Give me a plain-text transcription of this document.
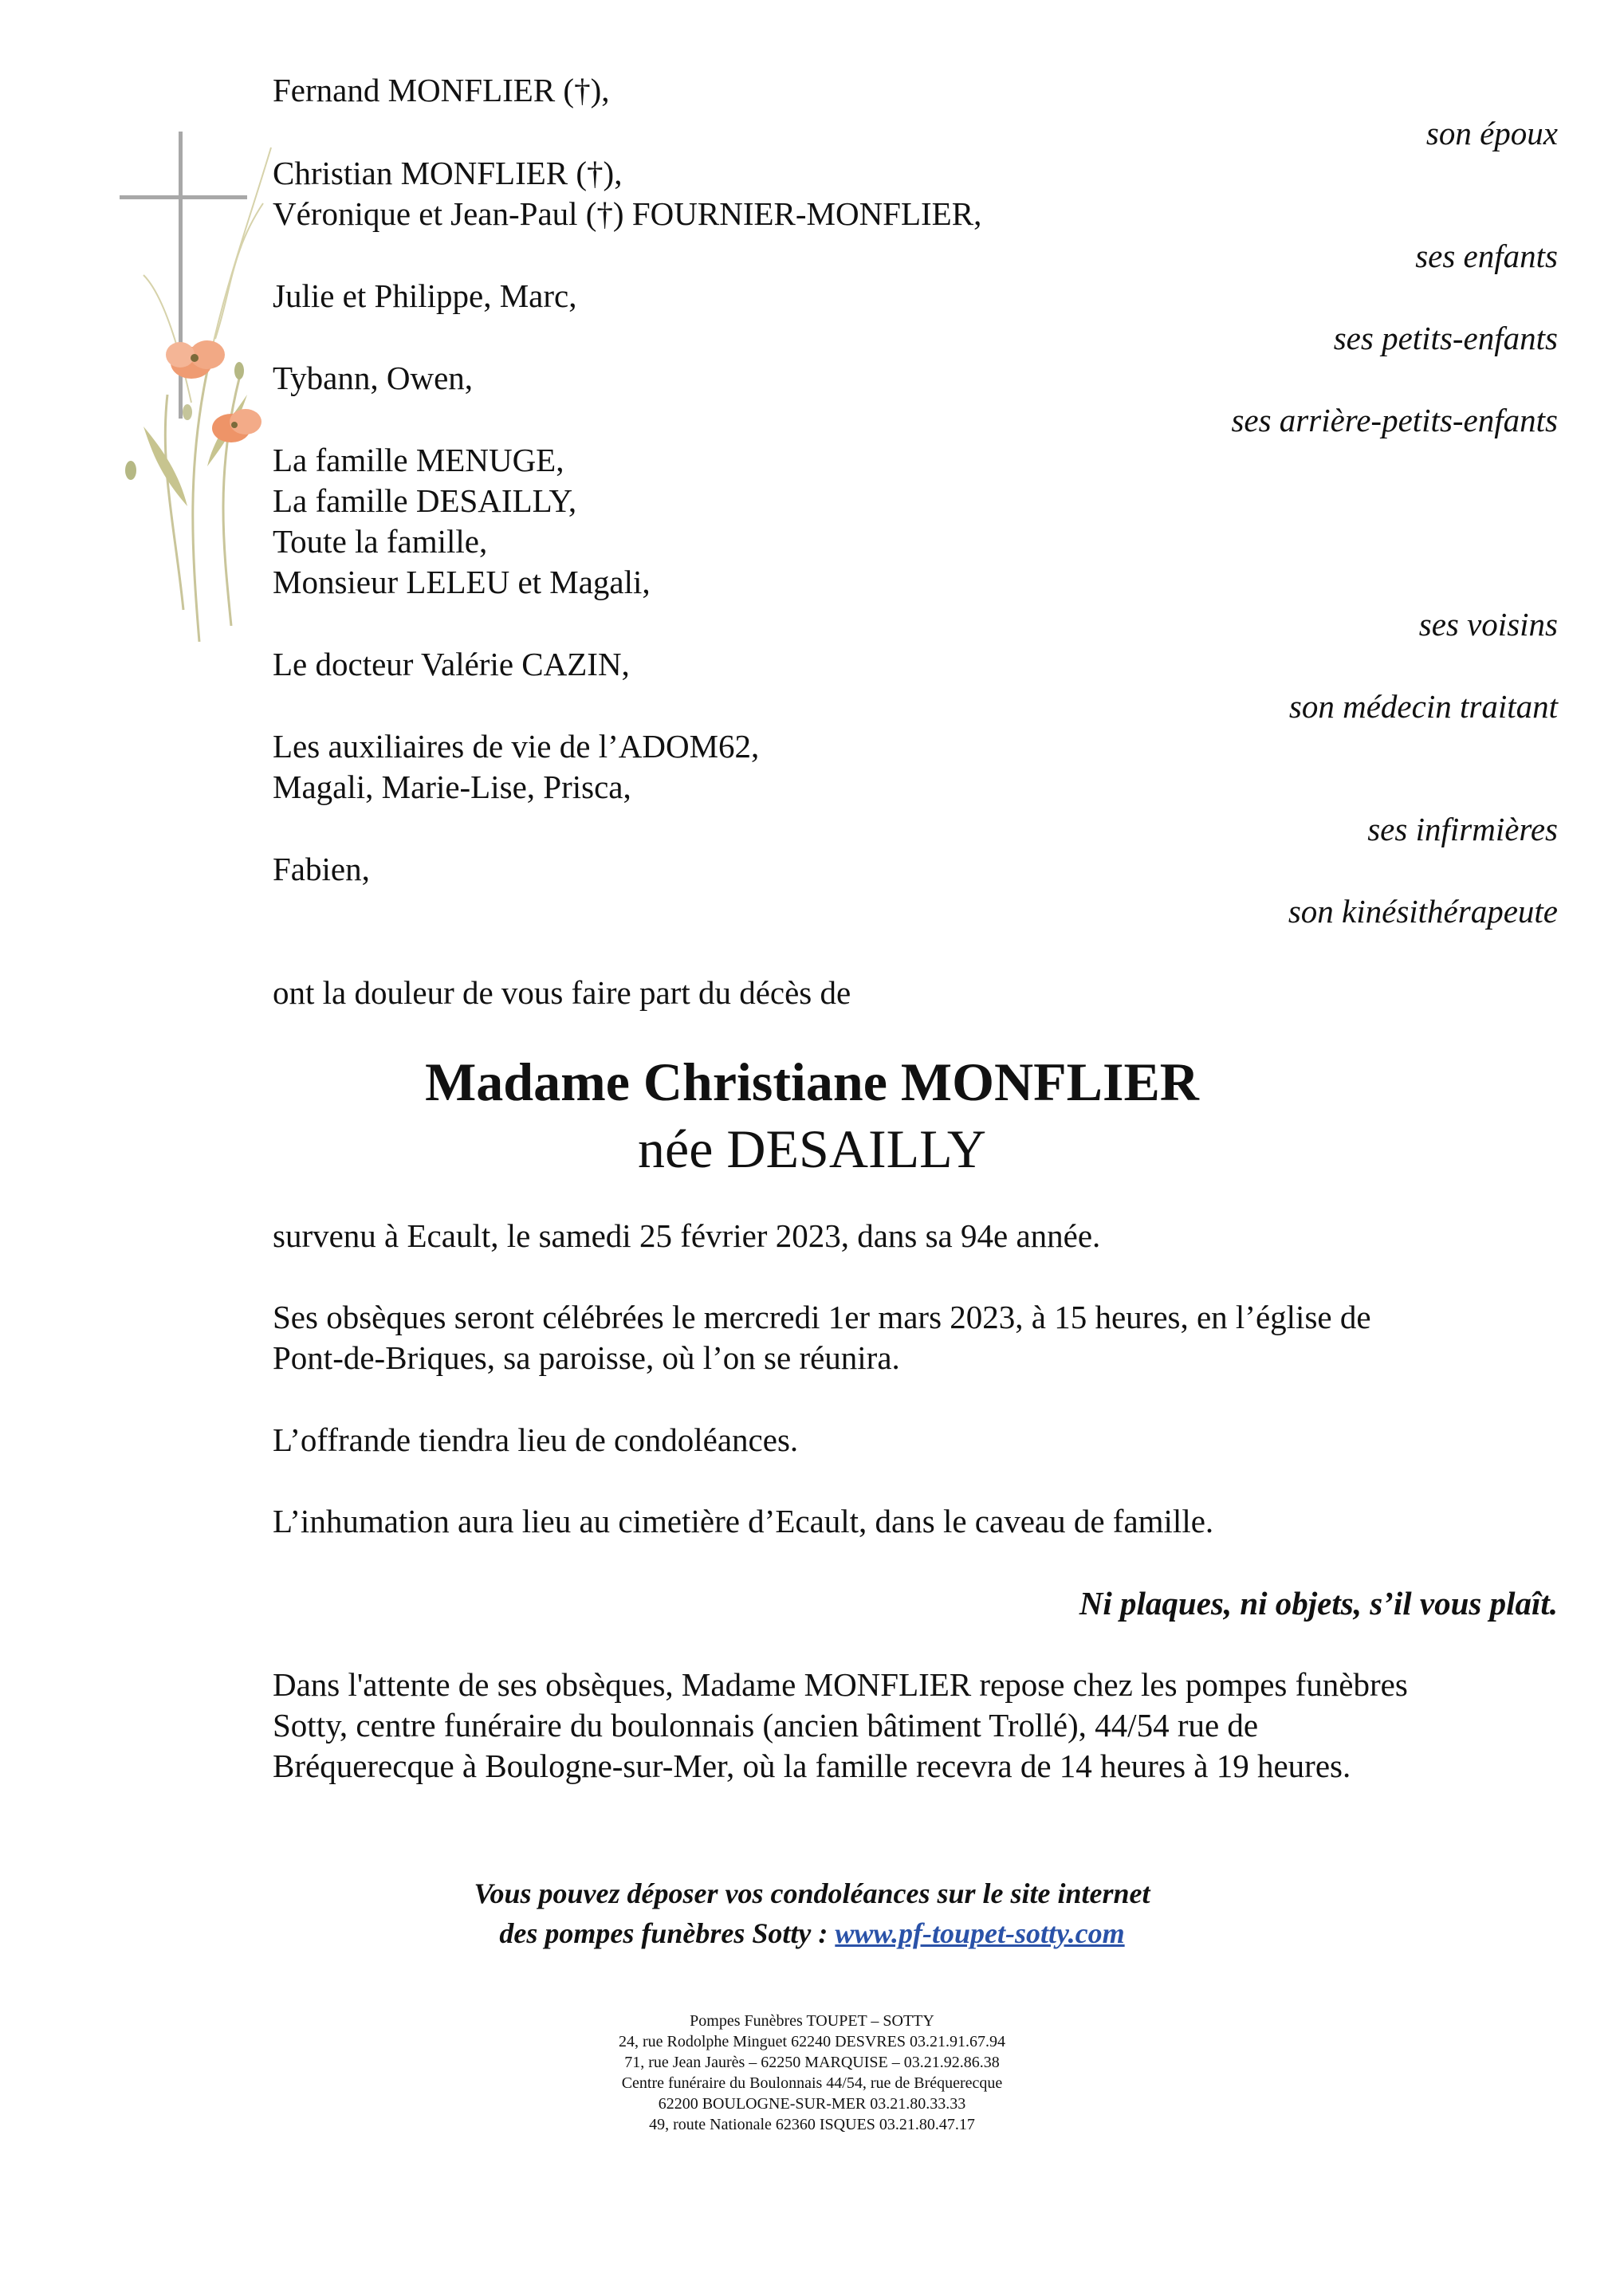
Fernand MONFLIER (†),
son époux
Christian MONFLIER (†),
Véronique et Jean-Paul (†) FOURNIER-MONFLIER,
ses enfants
Julie et Philippe, Marc,
ses petits-enfants
Tybann, Owen,
ses arrière-petits-enfants
La famille MENUGE,
La famille DESAILLY,
Toute la famille,
Monsieur LELEU et Magali,
ses voisins
Le docteur Valérie CAZIN,
son médecin traitant
Les auxiliaires de vie de l’ADOM62,
Magali, Marie-Lise, Prisca,
ses infirmières
Fabien,
son kinésithérapeute
ont la douleur de vous faire part du décès de
Madame Christiane MONFLIER
née DESAILLY
survenu à Ecault, le samedi 25 février 2023, dans sa 94e année.
Ses obsèques seront célébrées le mercredi 1er mars 2023, à 15 heures, en l’église de
Pont-de-Briques, sa paroisse, où l’on se réunira.
L’offrande tiendra lieu de condoléances.
L’inhumation aura lieu au cimetière d’Ecault, dans le caveau de famille.
Ni plaques, ni objets, s’il vous plaît.
Dans l'attente de ses obsèques, Madame MONFLIER repose chez les pompes funèbres
Sotty, centre funéraire du boulonnais (ancien bâtiment Trollé), 44/54 rue de
Bréquerecque à Boulogne-sur-Mer, où la famille recevra de 14 heures à 19 heures.
Vous pouvez déposer vos condoléances sur le site internet
des pompes funèbres Sotty : www.pf-toupet-sotty.com
Pompes Funèbres TOUPET – SOTTY
24, rue Rodolphe Minguet 62240 DESVRES 03.21.91.67.94
71, rue Jean Jaurès – 62250 MARQUISE – 03.21.92.86.38
Centre funéraire du Boulonnais 44/54, rue de Bréquerecque
62200 BOULOGNE-SUR-MER 03.21.80.33.33
49, route Nationale 62360 ISQUES 03.21.80.47.17
